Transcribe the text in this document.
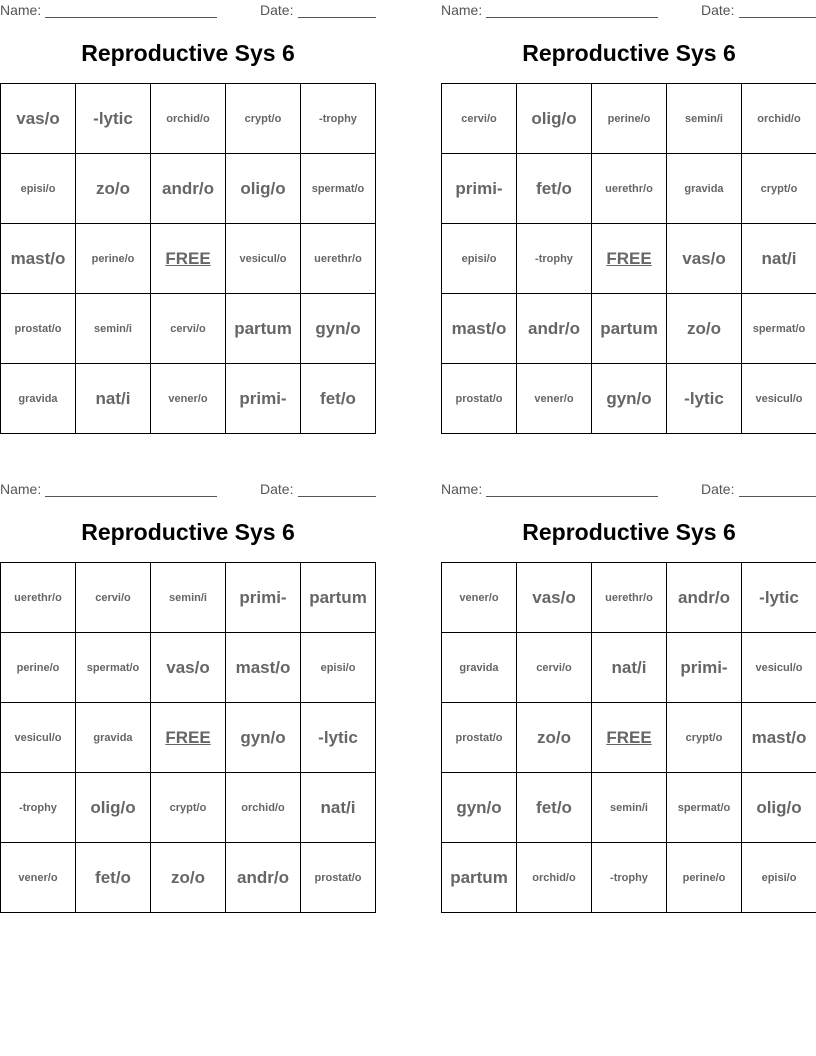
Name:	Date:
Reproductive Sys 6
vas/o	-lytic	orchid/o	crypt/o	-trophy
episi/o	zo/o	andr/o	olig/o	spermat/o
mast/o	perine/o	FREE	vesicul/o	uerethr/o
prostat/o	semin/i	cervi/o	partum	gyn/o
gravida	nat/i	vener/o	primi-	fet/o
Name:	Date:
Reproductive Sys 6
cervi/o	olig/o	perine/o	semin/i	orchid/o
primi-	fet/o	uerethr/o	gravida	crypt/o
episi/o	-trophy	FREE	vas/o	nat/i
mast/o	andr/o	partum	zo/o	spermat/o
prostat/o	vener/o	gyn/o	-lytic	vesicul/o
Name:	Date:
Reproductive Sys 6
uerethr/o	cervi/o	semin/i	primi-	partum
perine/o	spermat/o	vas/o	mast/o	episi/o
vesicul/o	gravida	FREE	gyn/o	-lytic
-trophy	olig/o	crypt/o	orchid/o	nat/i
vener/o	fet/o	zo/o	andr/o	prostat/o
Name:	Date:
Reproductive Sys 6
vener/o	vas/o	uerethr/o	andr/o	-lytic
gravida	cervi/o	nat/i	primi-	vesicul/o
prostat/o	zo/o	FREE	crypt/o	mast/o
gyn/o	fet/o	semin/i	spermat/o	olig/o
partum	orchid/o	-trophy	perine/o	episi/o
